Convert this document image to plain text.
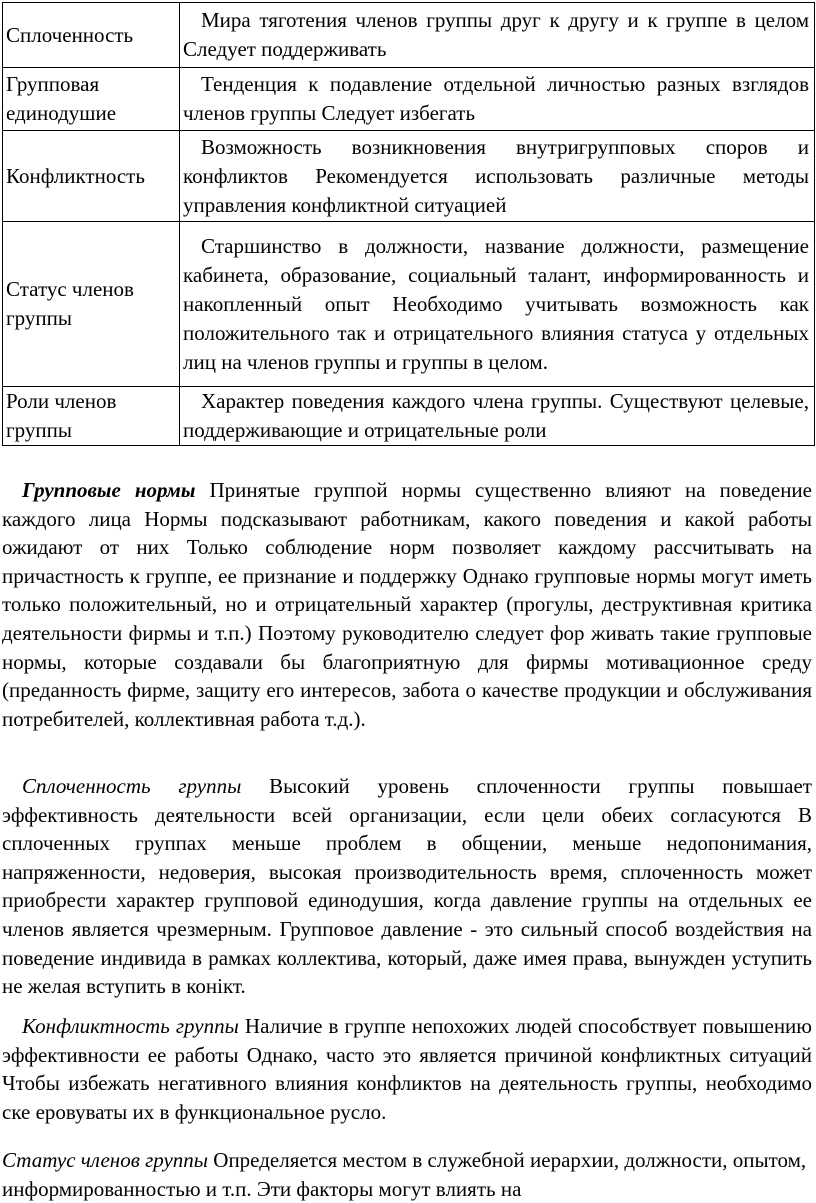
Сплоченность	Мира тяготения членов группы друг к другу и к группе в целом Следует поддерживать
Групповая единодушие	Тенденция к подавление отдельной личностью разных взглядов членов группы Следует избегать
Конфликтность	Возможность возникновения внутригрупповых споров и конфликтов Рекомендуется использовать различные методы управления конфликтной ситуацией
Статус членов группы	Старшинство в должности, название должности, размещение кабинета, образование, социальный талант, информированность и накопленный опыт Необходимо учитывать возможность как положительного так и отрицательного влияния статуса у отдельных лиц на членов группы и группы в целом.
Роли членов группы	Характер поведения каждого члена группы. Существуют целевые, поддерживающие и отрицательные роли

Групповые нормы Принятые группой нормы существенно влияют на поведение каждого лица Нормы подсказывают работникам, какого поведения и какой работы ожидают от них Только соблюдение норм позволяет каждому рассчитывать на причастность к группе, ее признание и поддержку Однако групповые нормы могут иметь только положительный, но и отрицательный характер (прогулы, деструктивная критика деятельности фирмы и т.п.) Поэтому руководителю следует фор живать такие групповые нормы, которые создавали бы благоприятную для фирмы мотивационное среду (преданность фирме, защиту его интересов, забота о качестве продукции и обслуживания потребителей, коллективная работа т.д.).

Сплоченность группы Высокий уровень сплоченности группы повышает эффективность деятельности всей организации, если цели обеих согласуются В сплоченных группах меньше проблем в общении, меньше недопонимания, напряженности, недоверия, высокая производительность время, сплоченность может приобрести характер групповой единодушия, когда давление группы на отдельных ее членов является чрезмерным. Групповое давление - это сильный способ воздействия на поведение индивида в рамках коллектива, который, даже имея права, вынужден уступить не желая вступить в конікт.

Конфликтность группы Наличие в группе непохожих людей способствует повышению эффективности ее работы Однако, часто это является причиной конфликтных ситуаций Чтобы избежать негативного влияния конфликтов на деятельность группы, необходимо ске еровуваты их в функциональное русло.

Статус членов группы Определяется местом в служебной иерархии, должности, опытом, информированностью и т.п. Эти факторы могут влиять на
